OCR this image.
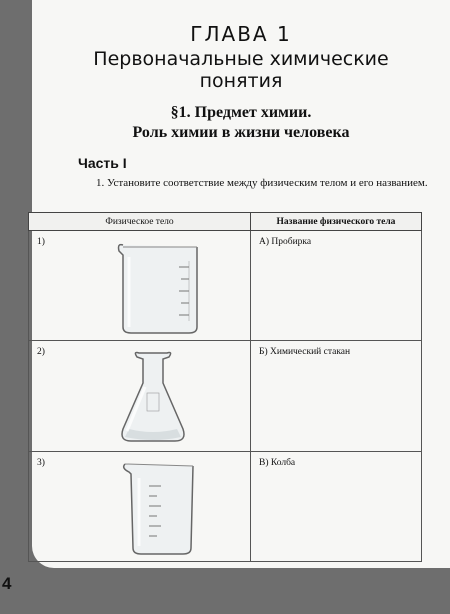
ГЛАВА 1
Первоначальные химические
понятия
§1. Предмет химии.
Роль химии в жизни человека
Часть I
1. Установите соответствие между физическим телом и его названием.
Физическое тело	Название физического тела

1)	А) Пробирка

2)	Б) Химический стакан

3)	В) Колба
4
